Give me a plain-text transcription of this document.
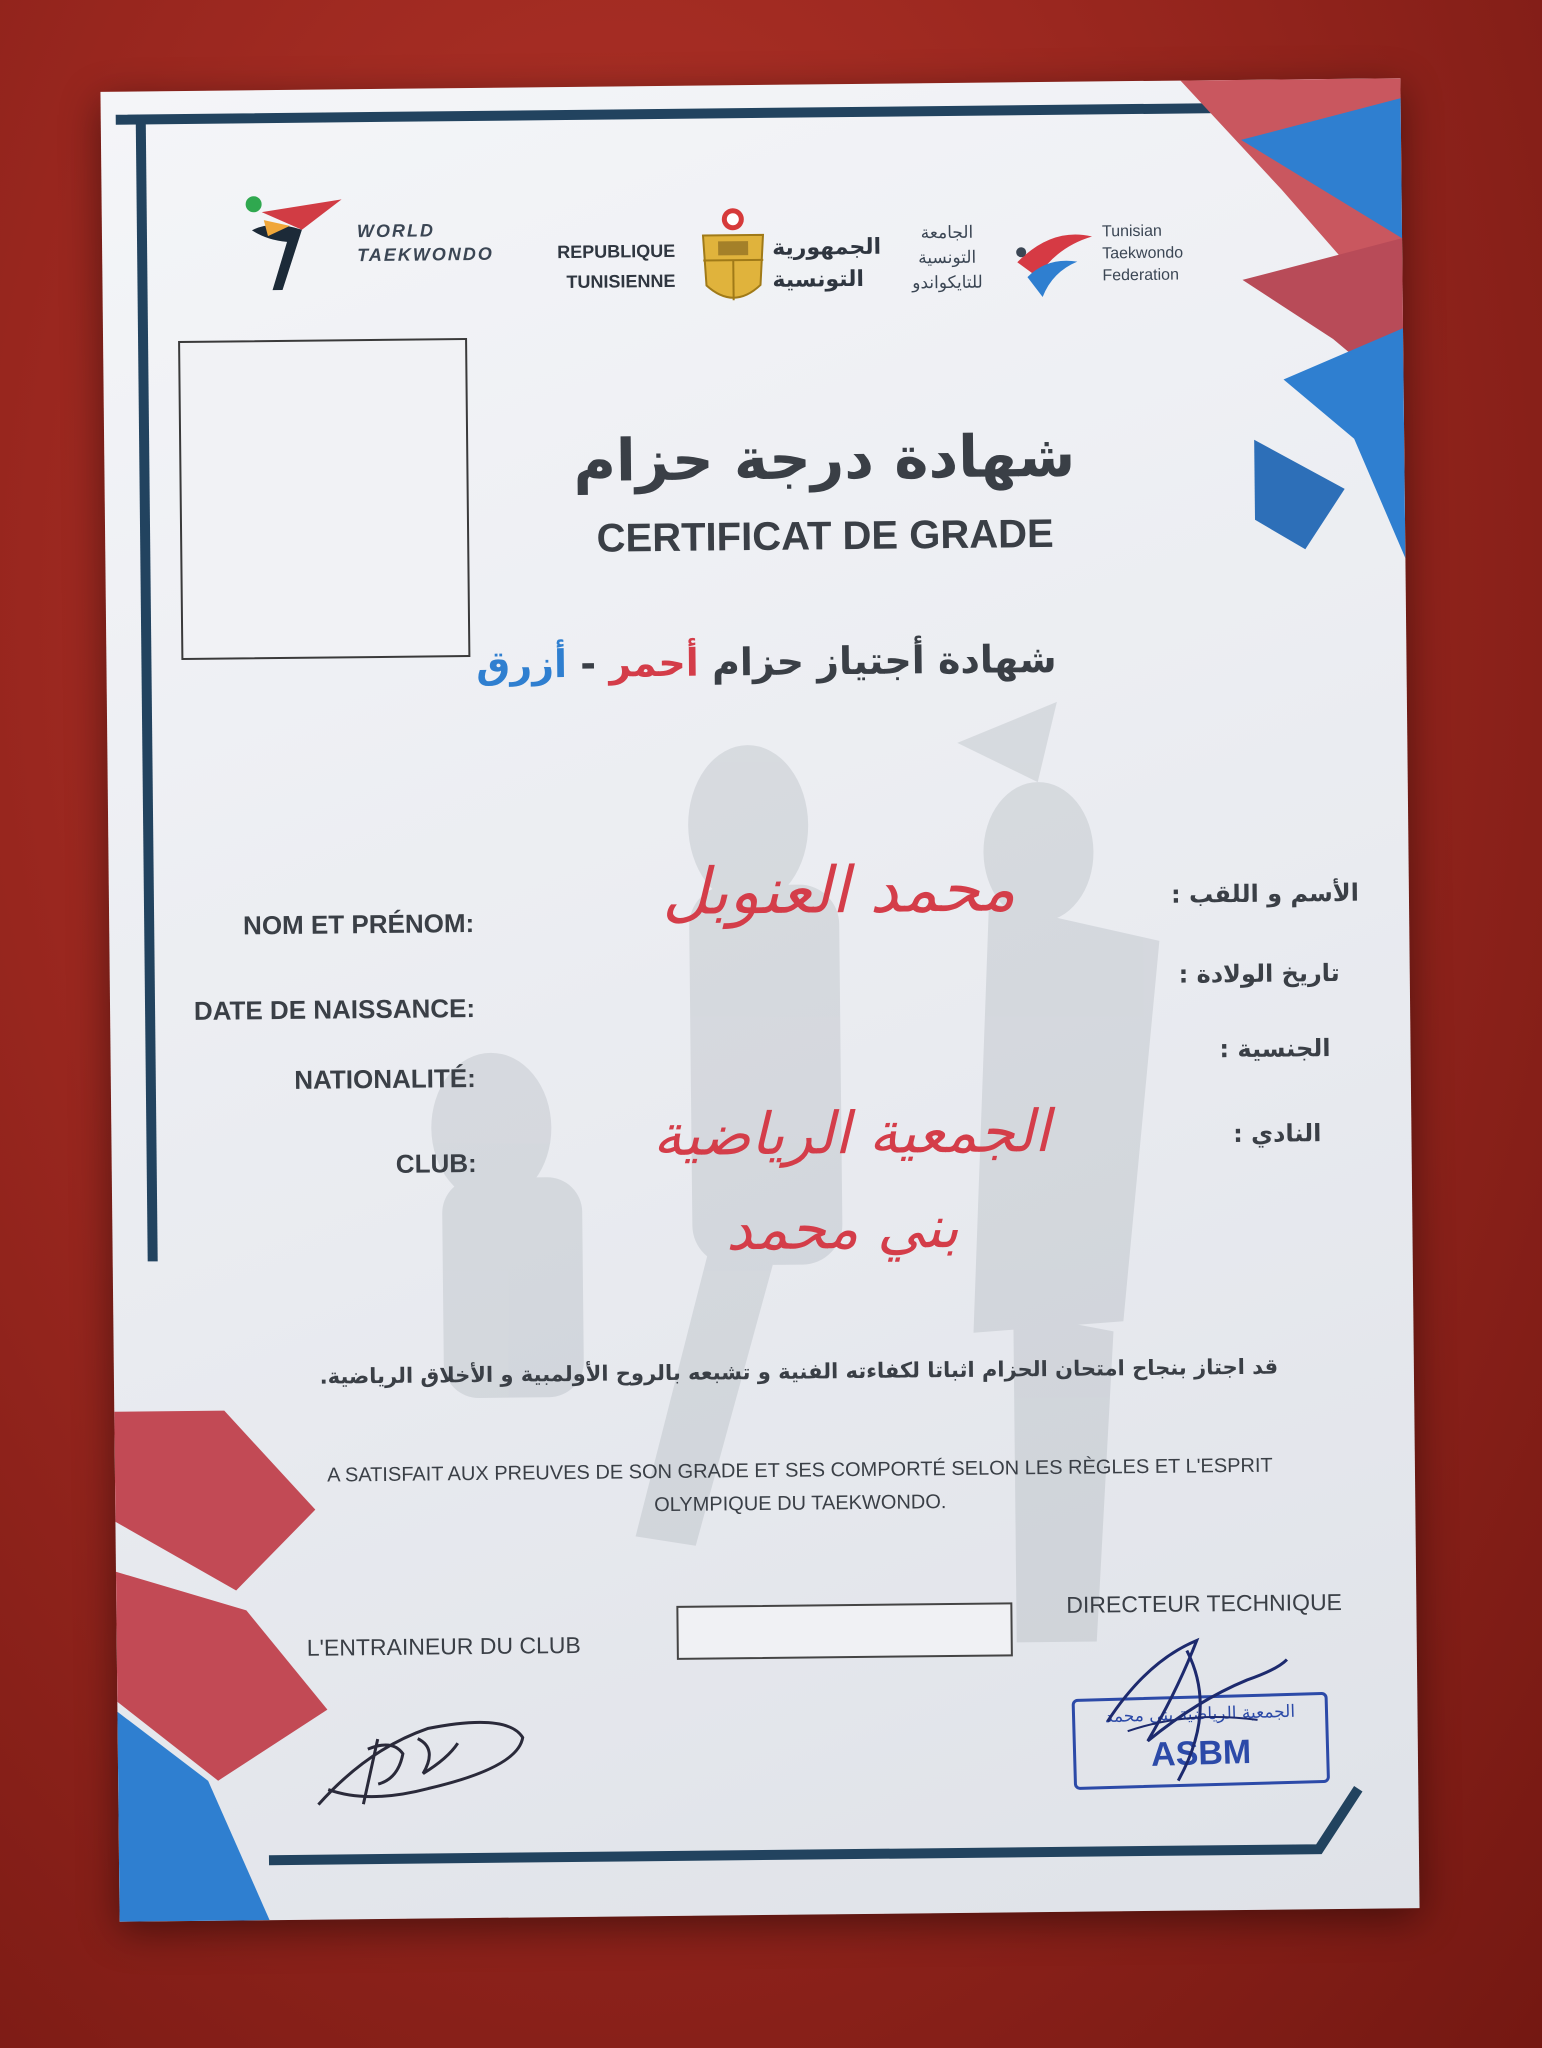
WORLD
TAEKWONDO	REPUBLIQUE
TUNISIENNE
الجمهورية
التونسية
الجامعة
التونسية
للتايكواندو
Tunisian
Taekwondo
Federation
شهادة درجة حزام
CERTIFICAT DE GRADE
شهادة أجتياز حزام أحمر - أزرق
NOM ET PRÉNOM:
DATE DE NAISSANCE:
NATIONALITÉ:
CLUB:
الأسم و اللقب :
تاريخ الولادة :
الجنسية :
النادي :
محمد العنوبل
الجمعية الرياضية
بني محمد
قد اجتاز بنجاح امتحان الحزام اثباتا لكفاءته الفنية و تشبعه بالروح الأولمبية و الأخلاق الرياضية.
A SATISFAIT AUX PREUVES DE SON GRADE ET SES COMPORTÉ SELON LES RÈGLES ET L'ESPRIT
OLYMPIQUE DU TAEKWONDO.
L'ENTRAINEUR DU CLUB
DIRECTEUR TECHNIQUE
الجمعية الرياضية بني محمد
ASBM
